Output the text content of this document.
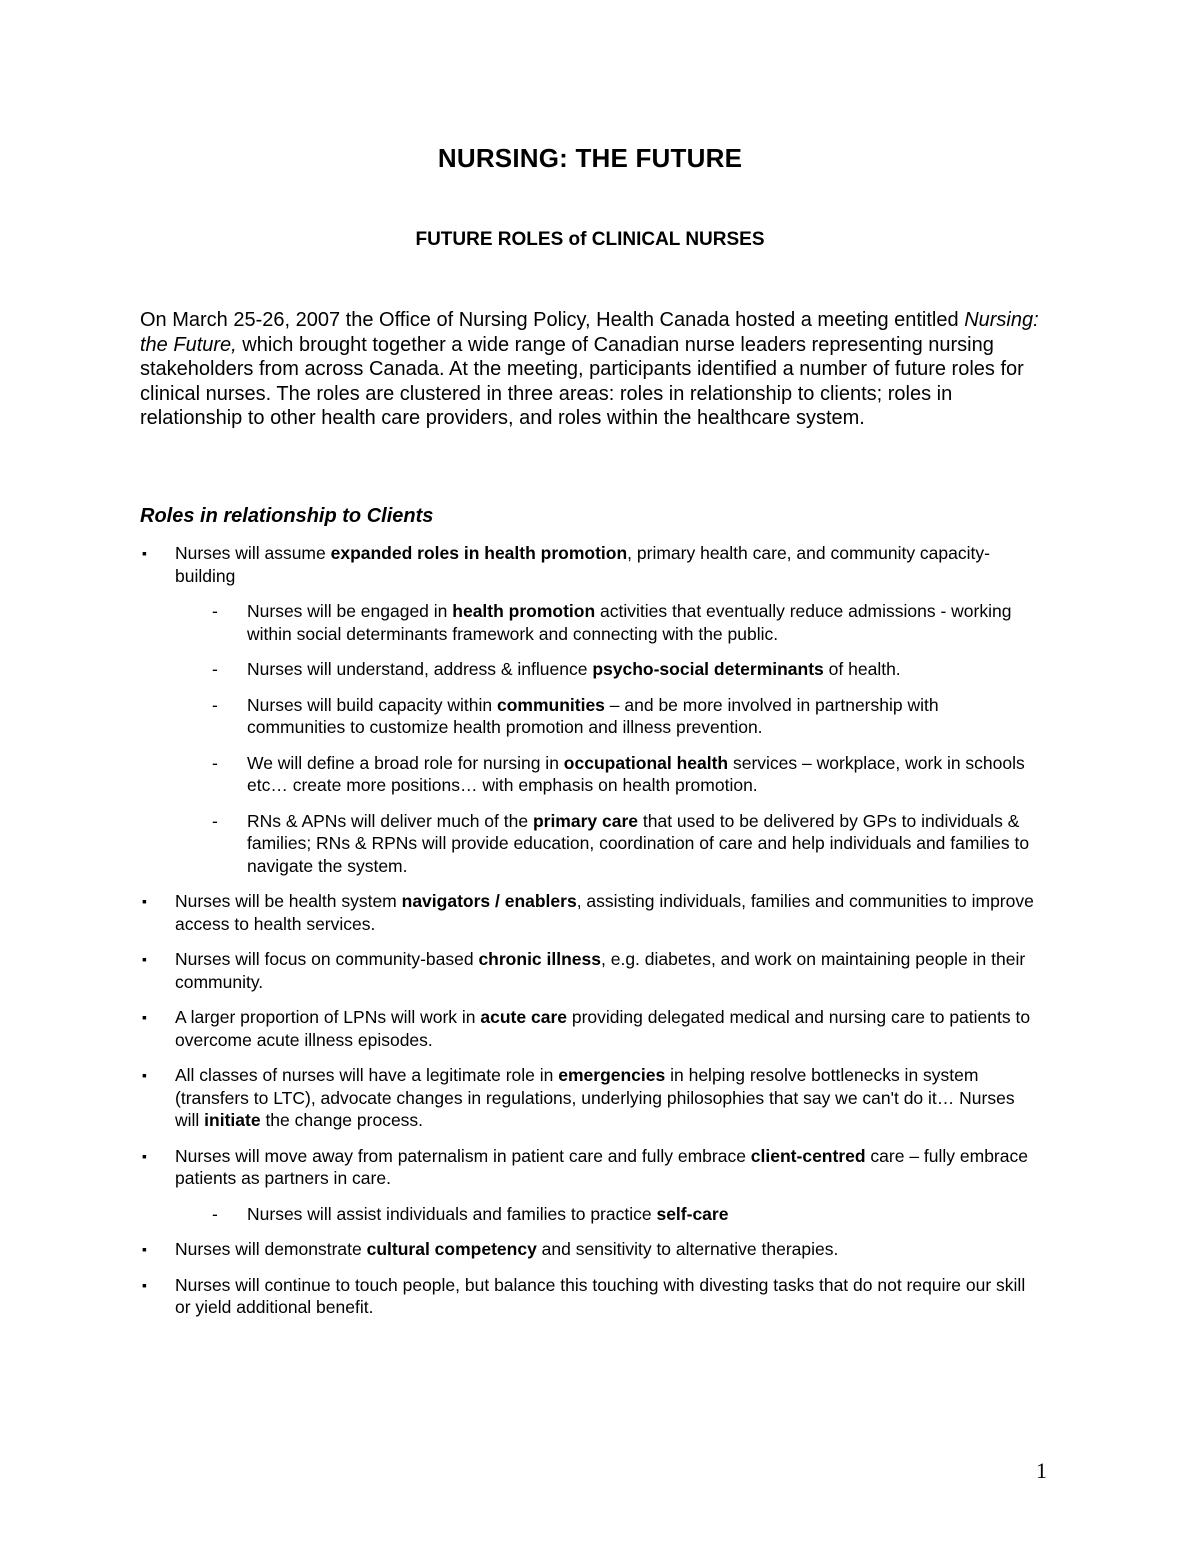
NURSING: THE FUTURE
FUTURE ROLES of CLINICAL NURSES

On March 25-26, 2007 the Office of Nursing Policy, Health Canada hosted a meeting entitled Nursing: the Future, which brought together a wide range of Canadian nurse leaders representing nursing stakeholders from across Canada. At the meeting, participants identified a number of future roles for clinical nurses. The roles are clustered in three areas: roles in relationship to clients; roles in relationship to other health care providers, and roles within the healthcare system.

Roles in relationship to Clients
▪ Nurses will assume expanded roles in health promotion, primary health care, and community capacity-building
- Nurses will be engaged in health promotion activities that eventually reduce admissions - working within social determinants framework and connecting with the public.
- Nurses will understand, address & influence psycho-social determinants of health.
- Nurses will build capacity within communities – and be more involved in partnership with communities to customize health promotion and illness prevention.
- We will define a broad role for nursing in occupational health services – workplace, work in schools etc… create more positions… with emphasis on health promotion.
- RNs & APNs will deliver much of the primary care that used to be delivered by GPs to individuals & families; RNs & RPNs will provide education, coordination of care and help individuals and families to navigate the system.
▪ Nurses will be health system navigators / enablers, assisting individuals, families and communities to improve access to health services.
▪ Nurses will focus on community-based chronic illness, e.g. diabetes, and work on maintaining people in their community.
▪ A larger proportion of LPNs will work in acute care providing delegated medical and nursing care to patients to overcome acute illness episodes.
▪ All classes of nurses will have a legitimate role in emergencies in helping resolve bottlenecks in system (transfers to LTC), advocate changes in regulations, underlying philosophies that say we can't do it… Nurses will initiate the change process.
▪ Nurses will move away from paternalism in patient care and fully embrace client-centred care – fully embrace patients as partners in care.
- Nurses will assist individuals and families to practice self-care
▪ Nurses will demonstrate cultural competency and sensitivity to alternative therapies.
▪ Nurses will continue to touch people, but balance this touching with divesting tasks that do not require our skill or yield additional benefit.
1
